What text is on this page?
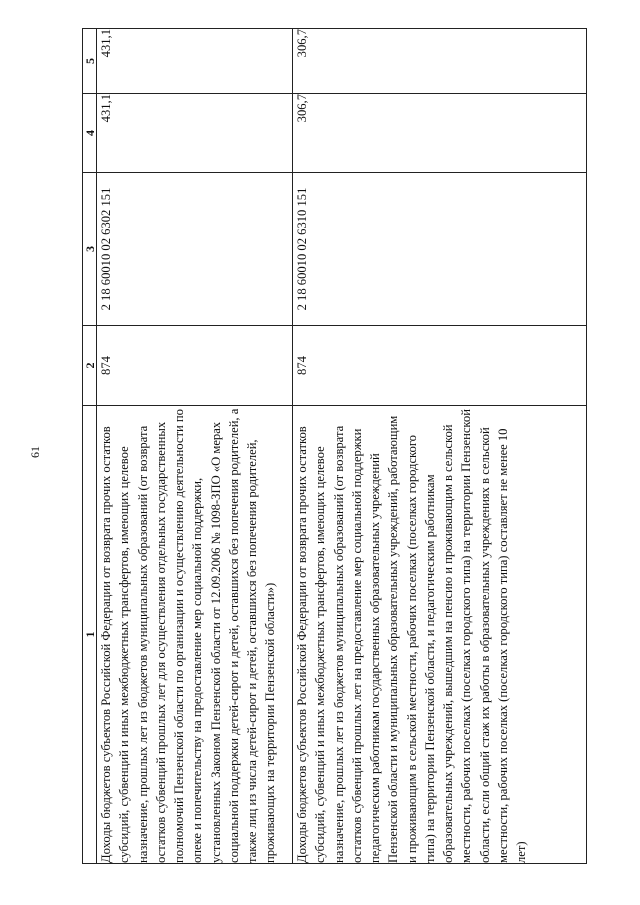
61
1	2	3	4	5
Доходы бюджетов субъектов Российской Федерации от возврата прочих остатков субсидий, субвенций и иных межбюджетных трансфертов, имеющих целевое назначение, прошлых лет из бюджетов муниципальных образований (от возврата остатков субвенций прошлых лет для осуществления отдельных государственных полномочий Пензенской области по организации и осуществлению деятельности по опеке и попечительству на предоставление мер социальной поддержки, установленных Законом Пензенской области от 12.09.2006 № 1098-ЗПО «О мерах социальной поддержки детей-сирот и детей, оставшихся без попечения родителей, а также лиц из числа детей-сирот и детей, оставшихся без попечения родителей, проживающих на территории Пензенской области»)	874	2 18 60010 02 6302 151	431,1	431,1
Доходы бюджетов субъектов Российской Федерации от возврата прочих остатков субсидий, субвенций и иных межбюджетных трансфертов, имеющих целевое назначение, прошлых лет из бюджетов муниципальных образований (от возврата остатков субвенций прошлых лет на предоставление мер социальной поддержки педагогическим работникам государственных образовательных учреждений Пензенской области и муниципальных образовательных учреждений, работающим и проживающим в сельской местности, рабочих поселках (поселках городского типа) на территории Пензенской области, и педагогическим работникам образовательных учреждений, вышедшим на пенсию и проживающим в сельской местности, рабочих поселках (поселках городского типа) на территории Пензенской области, если общий стаж их работы в образовательных учреждениях в сельской местности, рабочих поселках (поселках городского типа) составляет не менее 10 лет)	874	2 18 60010 02 6310 151	306,7	306,7
